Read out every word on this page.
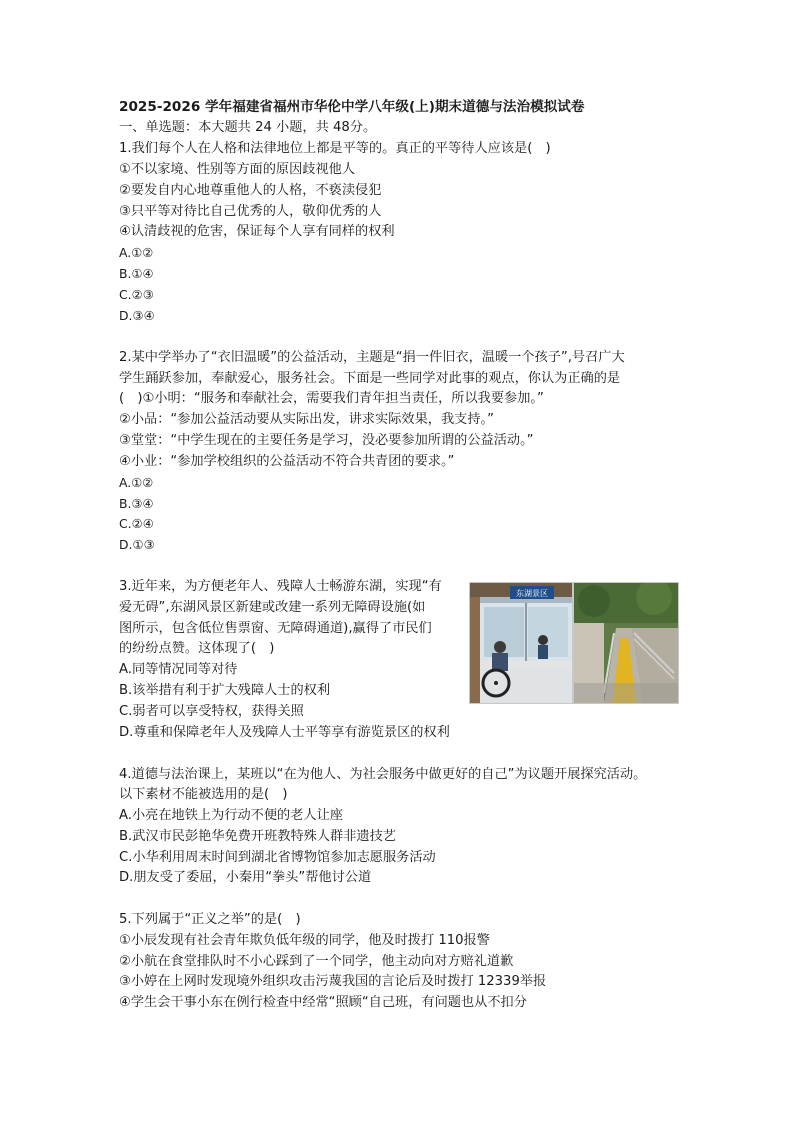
2025-2026 学年福建省福州市华伦中学八年级(上)期末道德与法治模拟试卷
一、单选题：本大题共 24 小题，共 48分。
1.我们每个人在人格和法律地位上都是平等的。真正的平等待人应该是(　)
①不以家境、性别等方面的原因歧视他人
②要发自内心地尊重他人的人格，不亵渎侵犯
③只平等对待比自己优秀的人，敬仰优秀的人
④认清歧视的危害，保证每个人享有同样的权利
A.①②
B.①④
C.②③
D.③④
2.某中学举办了“衣旧温暖”的公益活动，主题是“捐一件旧衣，温暖一个孩子”,号召广大
学生踊跃参加，奉献爱心，服务社会。下面是一些同学对此事的观点，你认为正确的是
(　)①小明：“服务和奉献社会，需要我们青年担当责任，所以我要参加。”
②小品：“参加公益活动要从实际出发，讲求实际效果，我支持。”
③堂堂：“中学生现在的主要任务是学习，没必要参加所谓的公益活动。”
④小业：“参加学校组织的公益活动不符合共青团的要求。”
A.①②
B.③④
C.②④
D.①③
3.近年来，为方便老年人、残障人士畅游东湖，实现“有
爱无碍”,东湖风景区新建或改建一系列无障碍设施(如
图所示，包含低位售票窗、无障碍通道),赢得了市民们
的纷纷点赞。这体现了(　)
A.同等情况同等对待
B.该举措有利于扩大残障人士的权利
C.弱者可以享受特权，获得关照
D.尊重和保障老年人及残障人士平等享有游览景区的权利
东湖景区
4.道德与法治课上，某班以“在为他人、为社会服务中做更好的自己”为议题开展探究活动。
以下素材不能被选用的是(　)
A.小亮在地铁上为行动不便的老人让座
B.武汉市民彭艳华免费开班教特殊人群非遗技艺
C.小华利用周末时间到湖北省博物馆参加志愿服务活动
D.朋友受了委屈，小秦用“拳头”帮他讨公道
5.下列属于“正义之举”的是(　)
①小辰发现有社会青年欺负低年级的同学，他及时拨打 110报警
②小航在食堂排队时不小心踩到了一个同学，他主动向对方赔礼道歉
③小婷在上网时发现境外组织攻击污蔑我国的言论后及时拨打 12339举报
④学生会干事小东在例行检查中经常“照顾“自己班，有问题也从不扣分
